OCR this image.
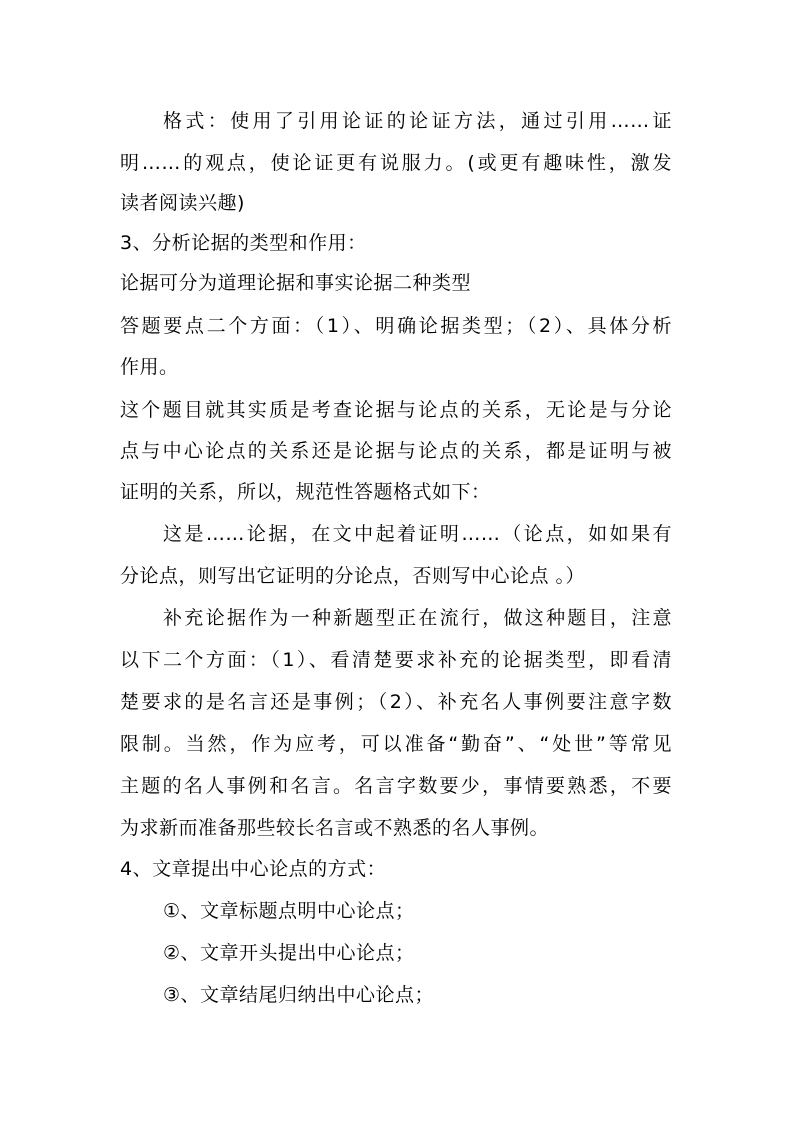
格式：使用了引用论证的论证方法，通过引用……证
明……的观点，使论证更有说服力。(或更有趣味性，激发
读者阅读兴趣)
3、分析论据的类型和作用：
论据可分为道理论据和事实论据二种类型
答题要点二个方面：（1）、明确论据类型；（2）、具体分析
作用。
这个题目就其实质是考查论据与论点的关系，无论是与分论
点与中心论点的关系还是论据与论点的关系，都是证明与被
证明的关系，所以，规范性答题格式如下：
这是……论据，在文中起着证明……（论点，如如果有
分论点，则写出它证明的分论点，否则写中心论点 。）
补充论据作为一种新题型正在流行，做这种题目，注意
以下二个方面：（1）、看清楚要求补充的论据类型，即看清
楚要求的是名言还是事例；（2）、补充名人事例要注意字数
限制。当然，作为应考，可以准备“勤奋”、“处世”等常见
主题的名人事例和名言。名言字数要少，事情要熟悉，不要
为求新而准备那些较长名言或不熟悉的名人事例。
4、文章提出中心论点的方式：
①、文章标题点明中心论点；
②、文章开头提出中心论点；
③、文章结尾归纳出中心论点；
